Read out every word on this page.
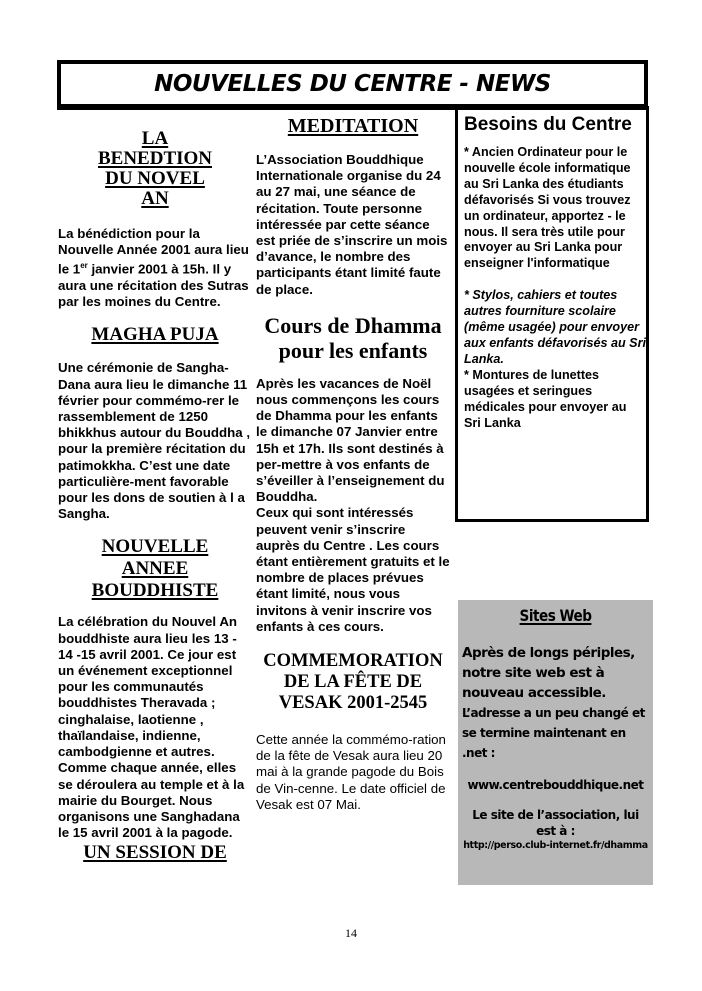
NOUVELLES DU CENTRE - NEWS
LA
BENEDTION
DU NOVEL
AN

La bénédiction pour la Nouvelle Année 2001 aura lieu le 1er janvier 2001 à 15h. Il y aura une récitation des Sutras par les moines du Centre.

MAGHA PUJA

Une cérémonie de Sangha-Dana aura lieu le dimanche 11 février pour commémo-rer le rassemblement de 1250 bhikkhus autour du Bouddha , pour la première récitation du patimokkha. C’est une date particulière-ment favorable pour les dons de soutien à l a Sangha.

NOUVELLE
ANNEE
BOUDDHISTE

La célébration du Nouvel An bouddhiste aura lieu les 13 - 14 -15 avril 2001. Ce jour est un événement exceptionnel pour les communautés bouddhistes Theravada ; cinghalaise, laotienne , thaïlandaise, indienne, cambodgienne et autres. Comme chaque année, elles se déroulera au temple et à la mairie du Bourget. Nous organisons une Sanghadana le 15 avril 2001 à la pagode.

UN SESSION DE
MEDITATION

L’Association Bouddhique Internationale organise du 24 au 27 mai, une séance de récitation. Toute personne intéressée par cette séance est priée de s’inscrire un mois d’avance, le nombre des participants étant limité faute de place.

Cours de Dhamma
pour les enfants

Après les vacances de Noël nous commençons les cours de Dhamma pour les enfants le dimanche 07 Janvier entre 15h et 17h. Ils sont destinés à per-mettre à vos enfants de s’éveiller à l’enseignement du Bouddha.

Ceux qui sont intéressés peuvent venir s’inscrire auprès du Centre . Les cours étant entièrement gratuits et le nombre de places prévues étant limité, nous vous invitons à venir inscrire vos enfants à ces cours.

COMMEMORATION
DE LA FÊTE DE
VESAK 2001-2545

Cette année la commémo-ration de la fête de Vesak aura lieu 20 mai à la grande pagode du Bois de Vin-cenne. Le date officiel de Vesak est 07 Mai.

Besoins du Centre

* Ancien Ordinateur pour le nouvelle école informatique au Sri Lanka des étudiants défavorisés Si vous trouvez un ordinateur, apportez - le nous. Il sera très utile pour envoyer au Sri Lanka pour enseigner l'informatique

* Stylos, cahiers et toutes autres fourniture scolaire (même usagée) pour envoyer aux enfants défavorisés au Sri Lanka.

* Montures de lunettes usagées et seringues médicales pour envoyer au Sri Lanka

Sites Web

Après de longs périples, notre site web est à nouveau accessible.

L’adresse a un peu changé et se termine maintenant en .net :

www.centrebouddhique.net

Le site de l’association, lui est à :

http://perso.club-internet.fr/dhamma

14
